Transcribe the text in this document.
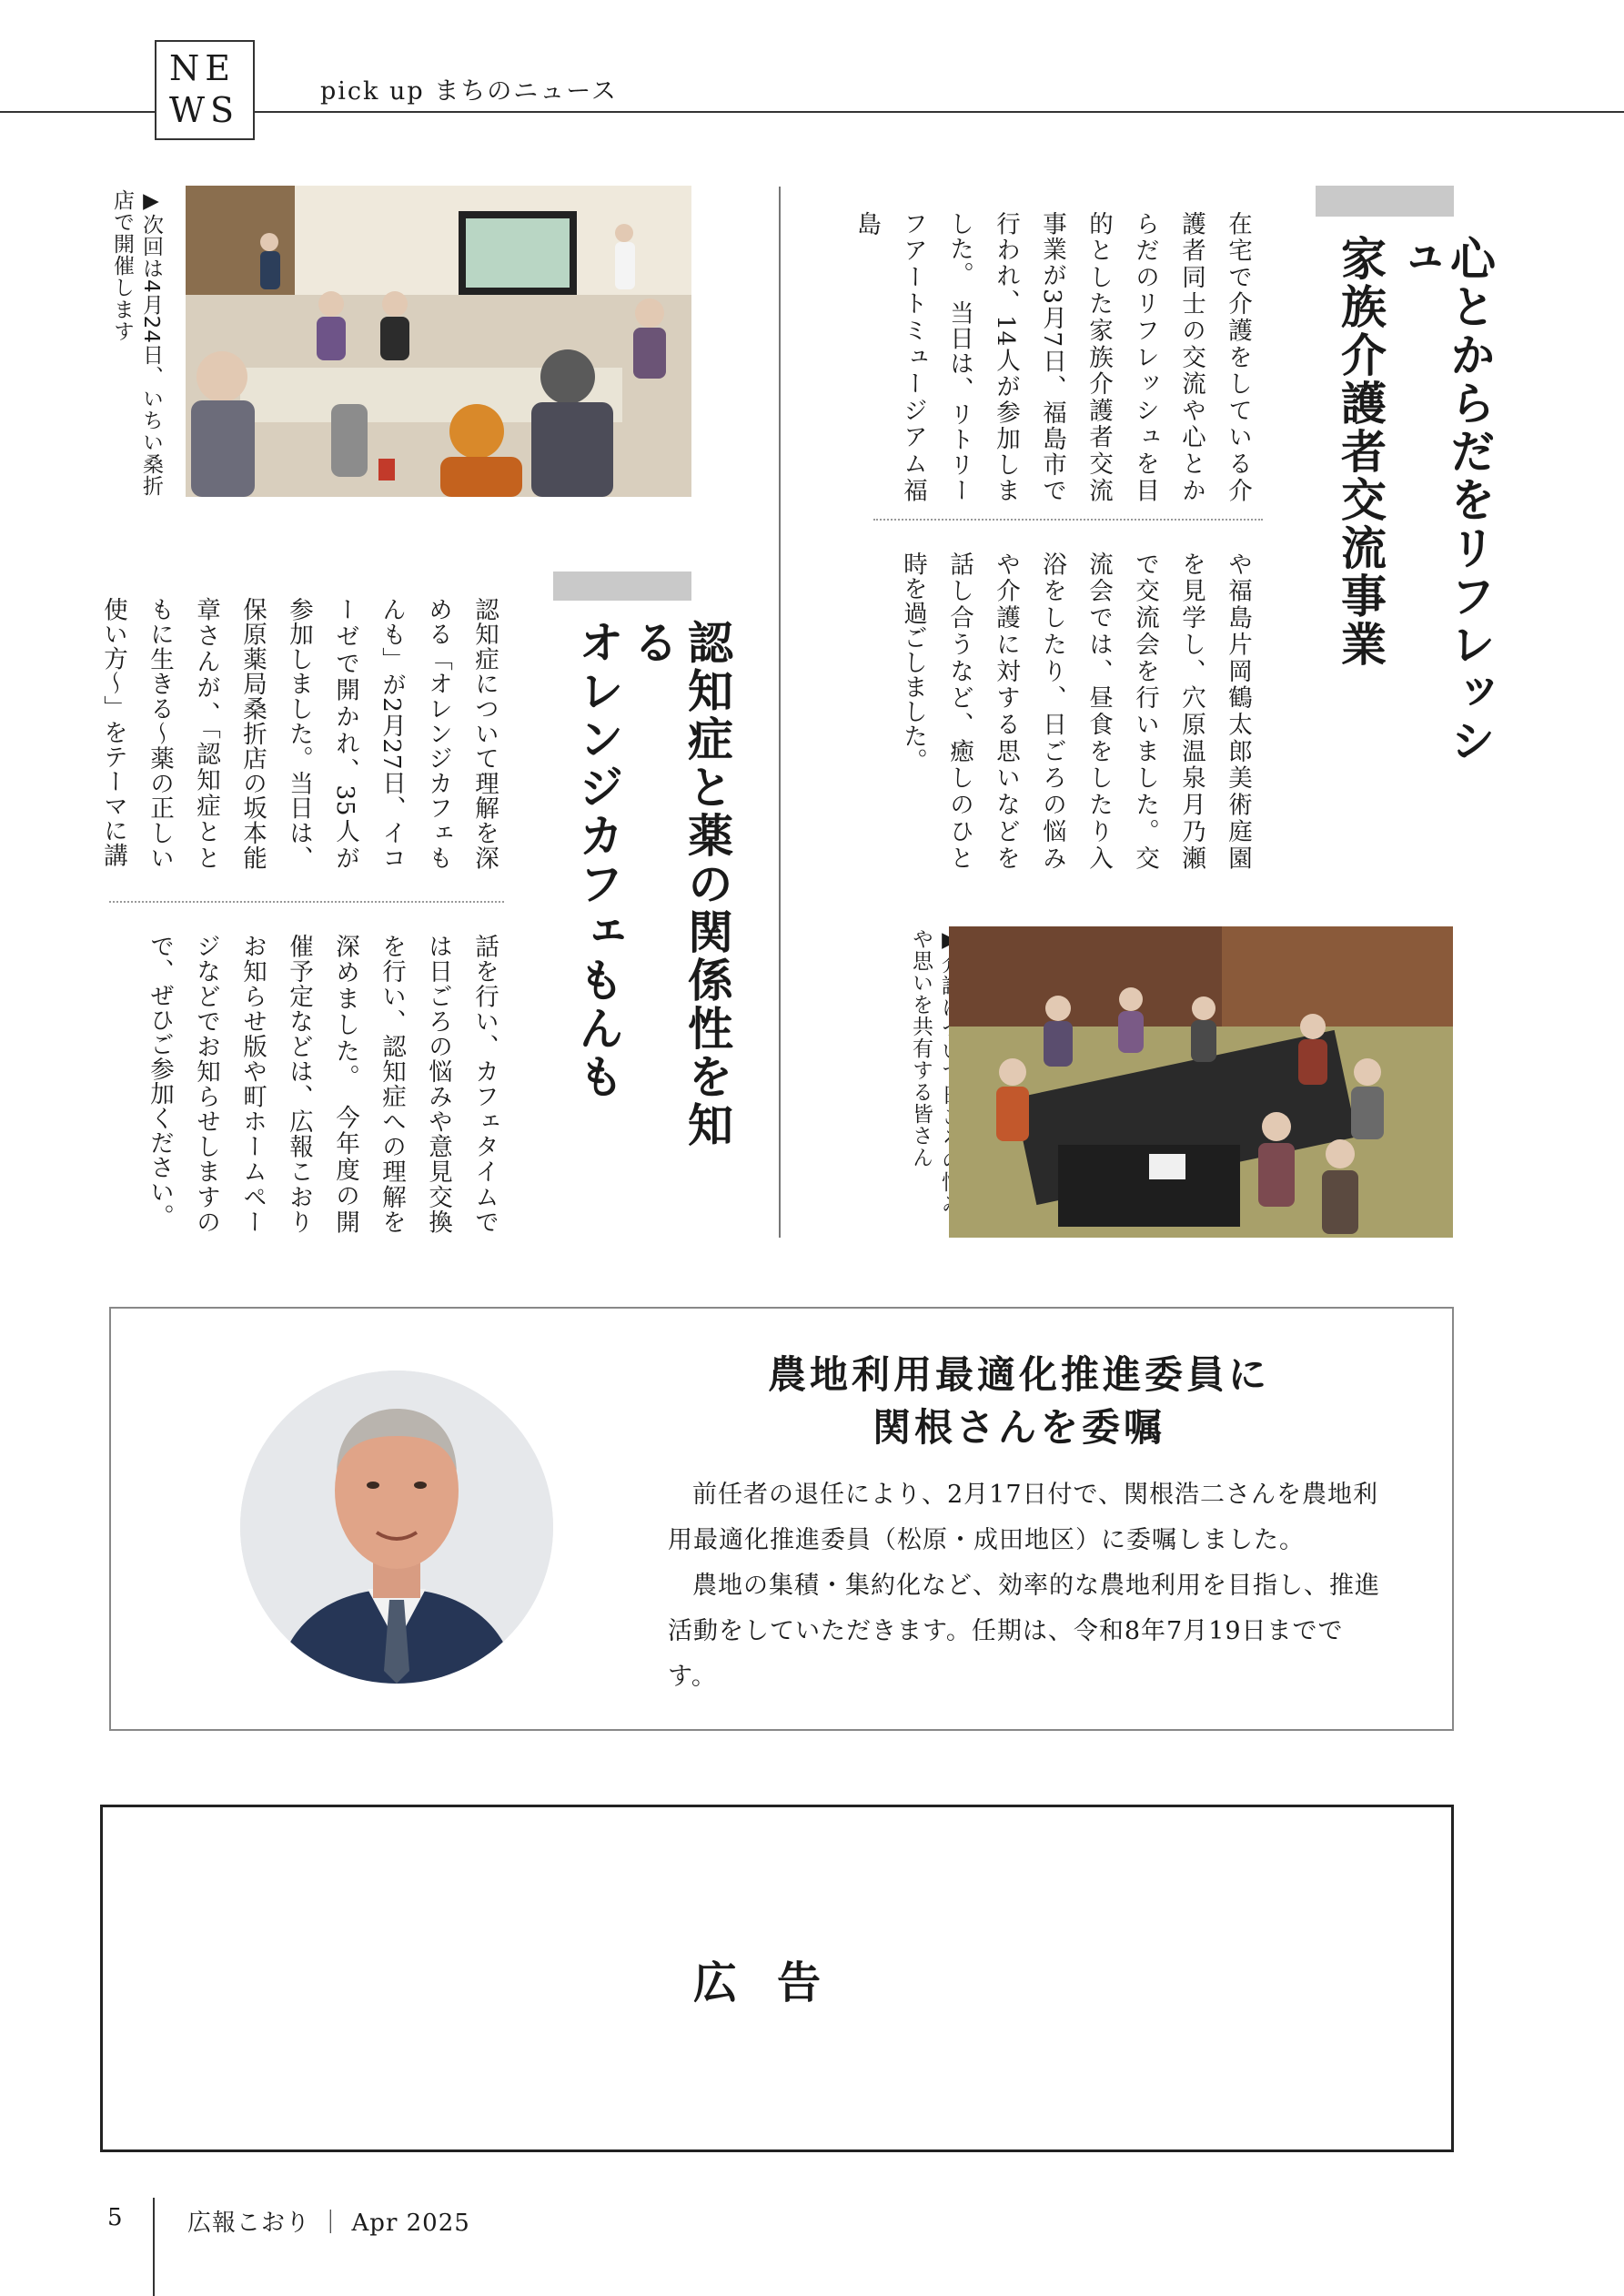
NE
WS	pick up まちのニュース
心とからだをリフレッシュ
家族介護者交流事業
在宅で介護をしている介護者同士の交流や心とからだのリフレッシュを目的とした家族介護者交流事業が3月7日、福島市で行われ、14人が参加しました。　当日は、リトリーフアートミュージアム福島
や福島片岡鶴太郎美術庭園を見学し、穴原温泉月乃瀬で交流会を行いました。交流会では、昼食をしたり入浴をしたり、日ごろの悩みや介護に対する思いなどを話し合うなど、癒しのひと時を過ごしました。
や思いを共有する皆さん
▶次回は4月24日、いちい桑折店で開催します
認知症と薬の関係性を知る
オレンジカフェもんも
認知症について理解を深める「オレンジカフェもんも」が2月27日、イコーゼで開かれ、35人が参加しました。当日は、保原薬局桑折店の坂本能章さんが、「認知症とともに生きる〜薬の正しい使い方〜」をテーマに講
話を行い、カフェタイムでは日ごろの悩みや意見交換を行い、認知症への理解を深めました。　今年度の開催予定などは、広報こおりお知らせ版や町ホームページなどでお知らせしますので、ぜひご参加ください。
農地利用最適化推進委員に
関根さんを委嘱

前任者の退任により、2月17日付で、関根浩二さんを農地利用最適化推進委員（松原・成田地区）に委嘱しました。

農地の集積・集約化など、効率的な農地利用を目指し、推進活動をしていただきます。任期は、令和8年7月19日までです。

広告
5	広報こおり ｜ Apr 2025
